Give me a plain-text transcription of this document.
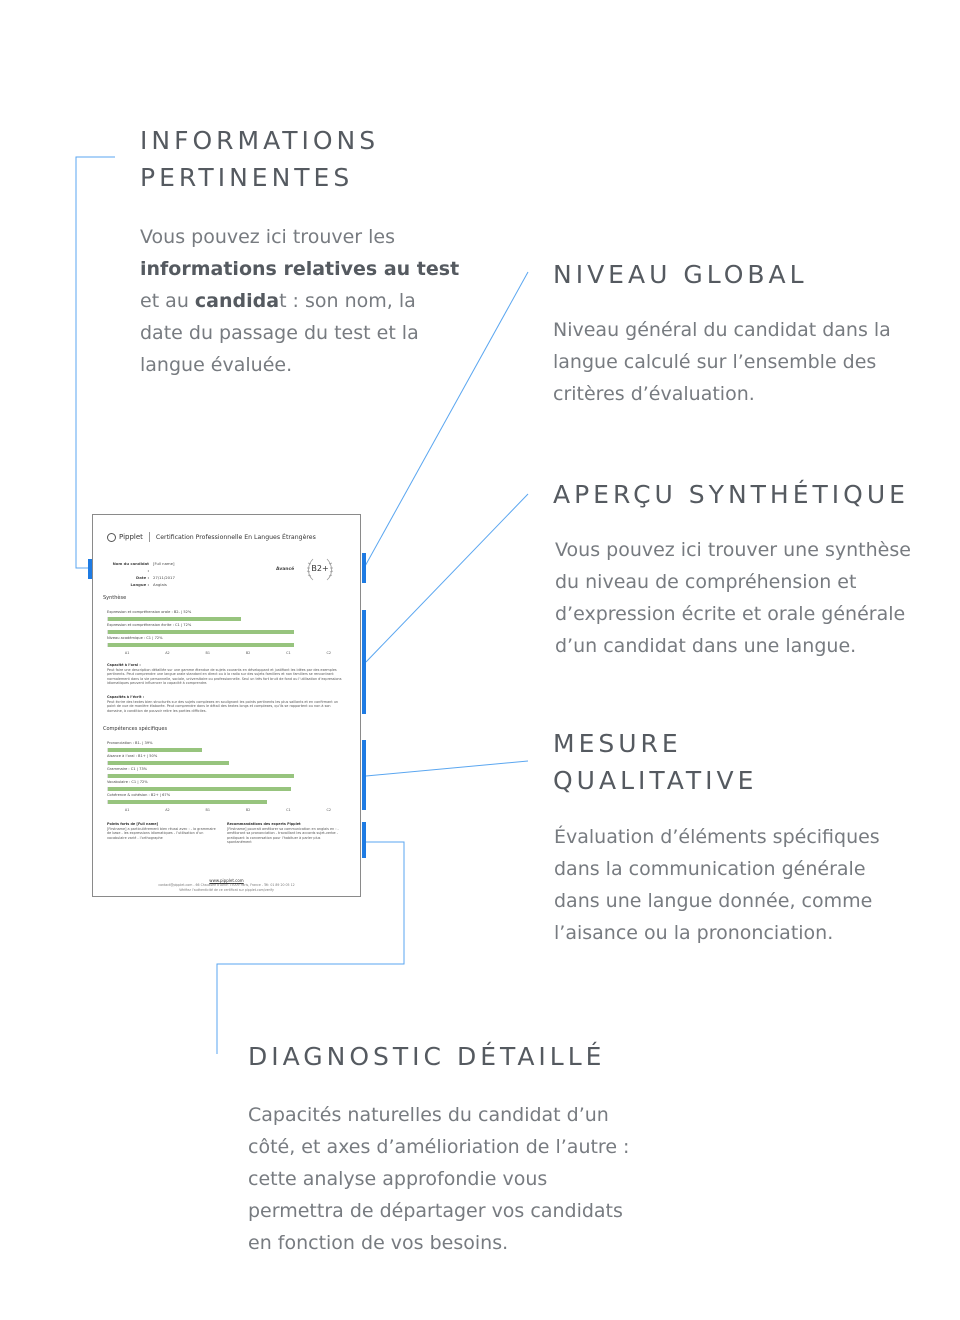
INFORMATIONS
PERTINENTES

Vous pouvez ici trouver les informations relatives au test et au candidat : son nom, la date du passage du test et la langue évaluée.

NIVEAU GLOBAL

Niveau général du candidat dans la langue calculé sur l’ensemble des critères d’évaluation.

APERÇU SYNTHÉTIQUE

Vous pouvez ici trouver une synthèse du niveau de compréhension et d’expression écrite et orale générale d’un candidat dans une langue.

MESURE
QUALITATIVE

Évaluation d’éléments spécifiques dans la communication générale dans une langue donnée, comme l’aisance ou la prononciation.

DIAGNOSTIC DÉTAILLÉ

Capacités naturelles du candidat d’un côté, et axes d’amélioriation de l’autre : cette analyse approfondie vous permettra de départager vos candidats en fonction de vos besoins.

Pipplet Certification Professionnelle En Langues Étrangères
Nom du candidat :
[Full name]
Date : 27/11/2017
Langue : Anglais
Avancé	B2+
Synthèse
Expression et compréhension orale : B2- | 52%
Expression et compréhension écrite : C1 | 72%
Niveau académique : C1 | 72%
A1	A2	B1	B2	C1	C2
Capacité à l’oral :
Peut faire une description détaillée sur une gamme étendue de sujets courants en développant et justifiant les idées par des exemples pertinents. Peut comprendre une langue orale standard en direct ou à la radio sur des sujets familiers et non familiers se rencontrant normalement dans la vie personnelle, sociale, universitaire ou professionnelle. Seul un très fort bruit de fond ou l’utilisation d’expressions idiomatiques peuvent influencer la capacité à comprendre.
Capacités à l’écrit :
Peut écrire des textes bien structurés sur des sujets complexes en soulignant les points pertinents les plus saillants et en confirmant un point de vue de manière élaborée. Peut comprendre dans le détail des textes longs et complexes, qu’ils se rapportent ou non à son domaine, à condition de pouvoir relire les parties difficiles.
Compétences spécifiques
Prononciation : B1- | 39%
Aisance à l’oral : B1+ | 50%
Grammaire : C1 | 73%
Vocabulaire : C1 | 72%
Cohérence & cohésion : B2+ | 67%
A1	A2	B1	B2	C1	C2
Points forts de [Full name]
[Firstname] a particulièrement bien réussi avec : - la grammaire de base - les expressions idiomatiques - l’utilisation d’un vocabulaire varié - l’orthographe
Recommandations des experts Pipplet
[Firstname] pourrait améliorer sa communication en anglais en : - améliorant sa prononciation - travaillant les accords sujet-verbe - pratiquant la conversation pour l’habituer à parler plus spontanément
www.pipplet.com
contact@pipplet.com - 66 Chaussée d’Antin 75009 Paris, France - Tél: 01 89 20 05 12
Vérifiez l’authenticité de ce certificat sur pipplet.com/verify
